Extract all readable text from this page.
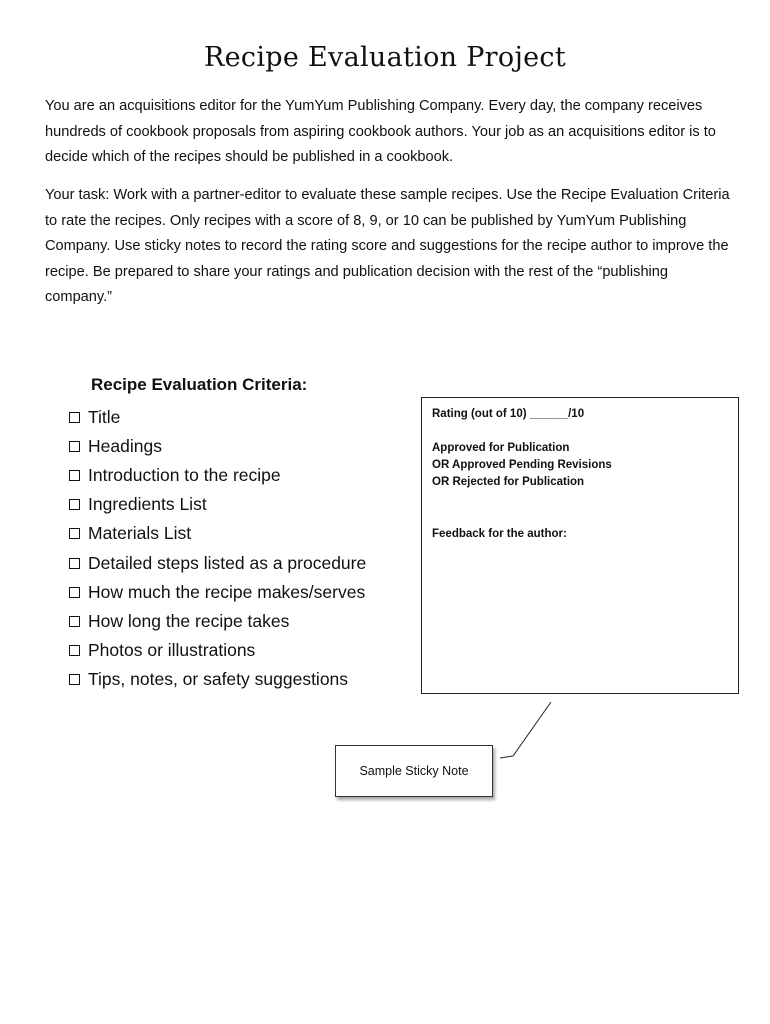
Recipe Evaluation Project

You are an acquisitions editor for the YumYum Publishing Company. Every day, the company receives hundreds of cookbook proposals from aspiring cookbook authors. Your job as an acquisitions editor is to decide which of the recipes should be published in a cookbook.

Your task: Work with a partner-editor to evaluate these sample recipes. Use the Recipe Evaluation Criteria to rate the recipes. Only recipes with a score of 8, 9, or 10 can be published by YumYum Publishing Company. Use sticky notes to record the rating score and suggestions for the recipe author to improve the recipe. Be prepared to share your ratings and publication decision with the rest of the “publishing company.”

Recipe Evaluation Criteria:
Title
Headings
Introduction to the recipe
Ingredients List
Materials List
Detailed steps listed as a procedure
How much the recipe makes/serves
How long the recipe takes
Photos or illustrations
Tips, notes, or safety suggestions
Rating (out of 10) ______/10
Approved for Publication
OR Approved Pending Revisions
OR Rejected for Publication
Feedback for the author:
Sample Sticky Note
